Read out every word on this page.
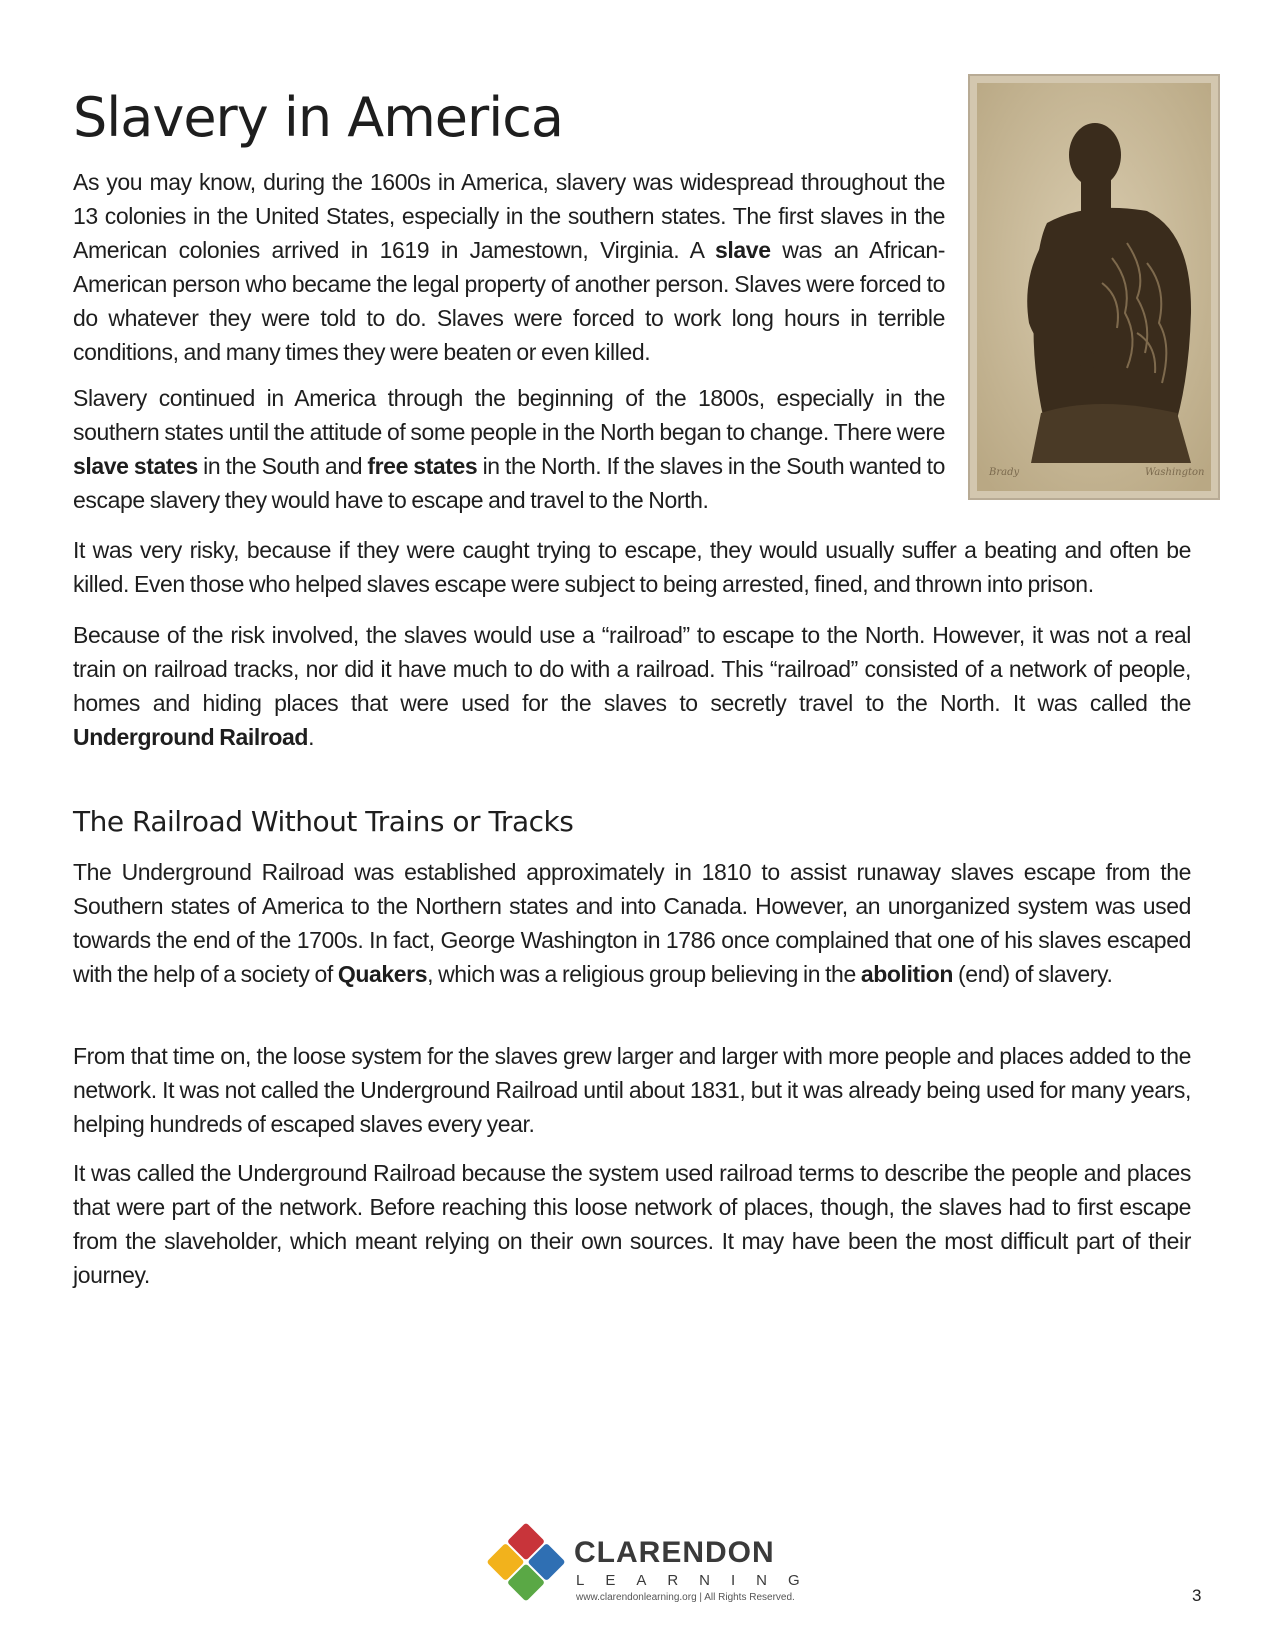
Slavery in America
Brady	Washington

As you may know, during the 1600s in America, slavery was widespread throughout the 13 colonies in the United States, especially in the southern states. The first slaves in the American colonies arrived in 1619 in Jamestown, Virginia. A slave was an African-American person who became the legal property of another person. Slaves were forced to do whatever they were told to do. Slaves were forced to work long hours in terrible conditions, and many times they were beaten or even killed.

Slavery continued in America through the beginning of the 1800s, especially in the southern states until the attitude of some people in the North began to change. There were slave states in the South and free states in the North. If the slaves in the South wanted to escape slavery they would have to escape and travel to the North.

It was very risky, because if they were caught trying to escape, they would usually suffer a beating and often be killed. Even those who helped slaves escape were subject to being arrested, fined, and thrown into prison.

Because of the risk involved, the slaves would use a “railroad” to escape to the North. However, it was not a real train on railroad tracks, nor did it have much to do with a railroad. This “railroad” consisted of a network of people, homes and hiding places that were used for the slaves to secretly travel to the North. It was called the Underground Railroad.

The Railroad Without Trains or Tracks

The Underground Railroad was established approximately in 1810 to assist runaway slaves escape from the Southern states of America to the Northern states and into Canada. However, an unorganized system was used towards the end of the 1700s. In fact, George Washington in 1786 once complained that one of his slaves escaped with the help of a society of Quakers, which was a religious group believing in the abolition (end) of slavery.

From that time on, the loose system for the slaves grew larger and larger with more people and places added to the network. It was not called the Underground Railroad until about 1831, but it was already being used for many years, helping hundreds of escaped slaves every year.

It was called the Underground Railroad because the system used railroad terms to describe the people and places that were part of the network. Before reaching this loose network of places, though, the slaves had to first escape from the slaveholder, which meant relying on their own sources. It may have been the most difficult part of their journey.

CLARENDON
LEARNING
www.clarendonlearning.org | All Rights Reserved.	3
